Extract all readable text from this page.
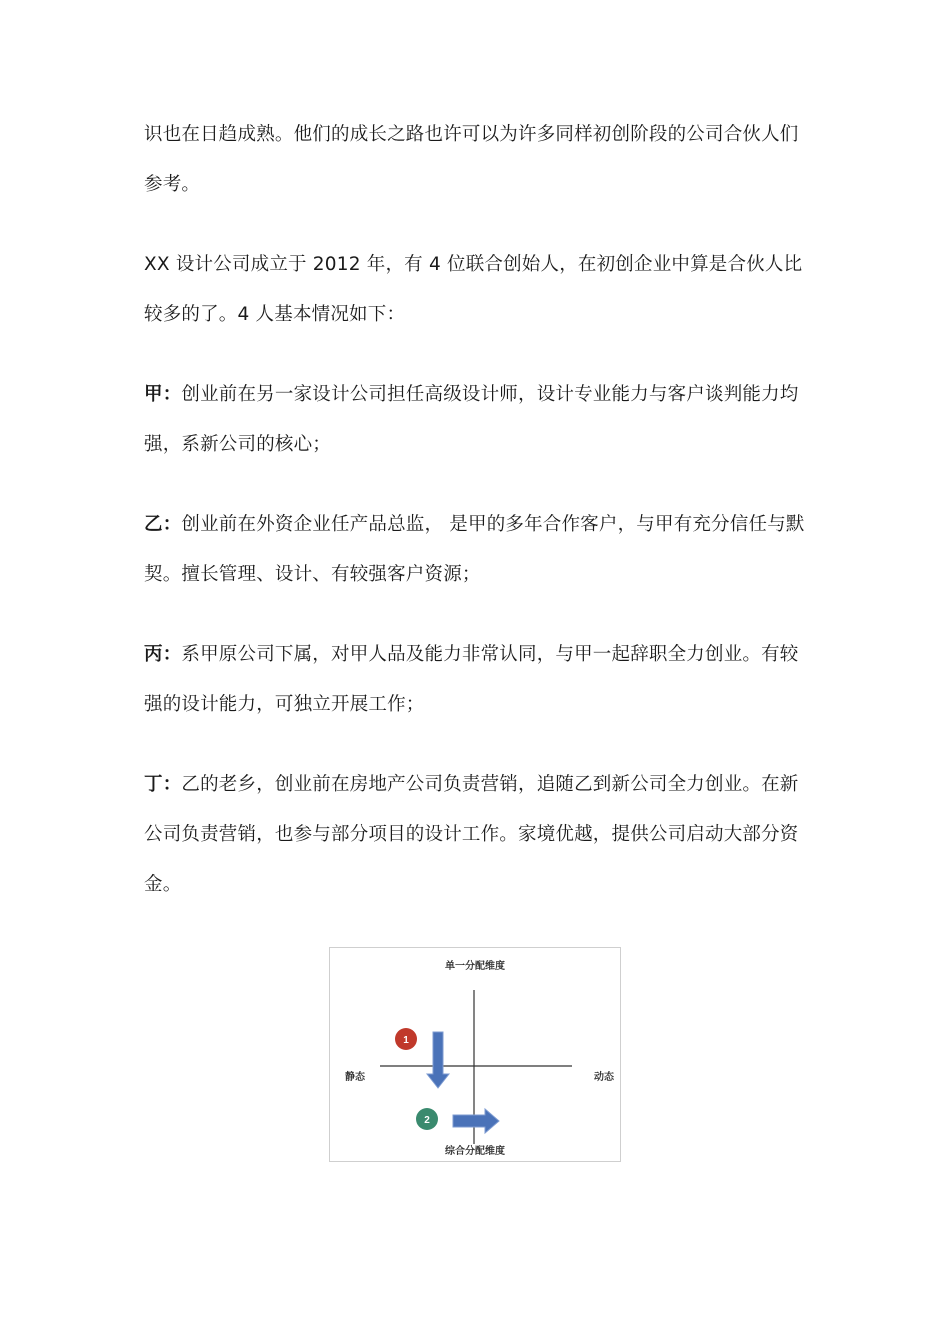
识也在日趋成熟。他们的成长之路也许可以为许多同样初创阶段的公司合伙人们参考。

XX 设计公司成立于 2012 年，有 4 位联合创始人，在初创企业中算是合伙人比较多的了。4 人基本情况如下：

甲：创业前在另一家设计公司担任高级设计师，设计专业能力与客户谈判能力均强，系新公司的核心；

乙：创业前在外资企业任产品总监， 是甲的多年合作客户，与甲有充分信任与默契。擅长管理、设计、有较强客户资源；

丙：系甲原公司下属，对甲人品及能力非常认同，与甲一起辞职全力创业。有较强的设计能力，可独立开展工作；

丁：乙的老乡，创业前在房地产公司负责营销，追随乙到新公司全力创业。在新公司负责营销，也参与部分项目的设计工作。家境优越，提供公司启动大部分资金。

单一分配维度
综合分配维度
静态	动态
1
2
